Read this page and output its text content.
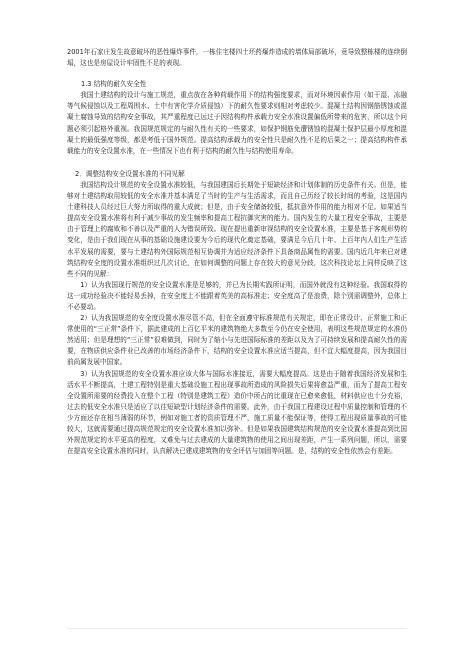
2001年石家庄发生故意破坏的恶性爆炸事件，一栋住宅楼四土坯药爆炸造成的墙体局部破坏，竟导致整栋楼的连续倒塌，这也是房屋设计牢固性不足的表现。

1.3 结构的耐久安全性

我国土建结构的设计与施工规范，重点放在各种荷载作用下的结构强度要求，而对环境因素作用（如干湿、冻融等气候侵蚀以及工程周围水、土中有害化学介质侵蚀）下的耐久性要求则相对考虑较少。混凝土结构因钢筋锈蚀或混凝土腐蚀导致的结构安全事故，其严重程度已远过于因结构构件承载力安全水准设置偏低所带来的危害，所以这个问题必须引起格外重视。我国规范规定的与耐久性有关的一些要求，如保护钢筋免遭锈蚀的混凝土保护层最小厚度和混凝土的最低强度等级，都是考低于国外规范。提高结构承载力的安全性只是耐久性不足的后果之一；提高结构构件承载能力的安全设置水准，在一些情况下也有利于结构的耐久性与结构使用寿命。

2．调整结构安全设置水准的不同见解

我国结构设计规范的安全设置水准较低，与我国建国后长期处于短缺经济和计划体制的历史条件有关。但是，能够对土建结构取用较低的安全水准并基本满足了当时的生产与生活需求，而且自己历经了较长时间的考验，这是国内土建科技人员经过巨大努力所取得的重大成就；但是，由于安全储备较低，抵抗意外作用的能力相对不足。如果适当提高安全设置水准将有利于减少事故的发生频率和提高工程抗御灾害的能力。国内发生的大量工程安全事故，主要是由于管理上的腐败和不善以及严重的人为错误所致。现在提出重新审视结构的安全设置水准，主要是基于客观形势的变化，是由于我们现在从事的基础设施建设要为今后的现代化奠定基础，要满足今后几十年、上百年内人们生产生活水平发展的需要，要与土建结构外国际规范相互协调并为适应经济条件下具备商品属性的需要。国内近几年来已对建筑结构安全度的设置水准组织过几次讨论，在如何调整的问题上存在较大的意见分歧，这次科技论坛上同样反映了这些不同的见解：

1）认为我国现行规范的安全设置水准是足够的，并已为长期实践所证明，而国外就没有这种经验。我国取得的这一成功经验决不能轻易丢掉，在安全度上不能跟着英美的高标准走；安全度高了是浪费，除个别需调整外，总体上不必要动。

2）认为我国规范的安全度设置水准尽管不高，但在全面遵守标准规范有关规定，即在正常设计、正常施工和正常使用的“三正常”条件下，据此建成的上百亿平米的建筑物绝大多数至今仍在安全使用，表明这些规范规定的水准仍然适用；但是理想的“三正常”很难做到，同时为了缩小与先进国际标准的差距以及为了可持续发展和提高耐久性的需要，在物质供应条件业已改善的市场经济条件下，结构的安全设置水准应适当提高，但不宜大幅度提高，因为我国目前尚属发展中国家。

3）认为我国规范的安全设置水准应该大体与国际水准接近，需要大幅度提高。这是由于随着我国经济发展和生活水平不断提高，土建工程特别是重大基础设施工程出现事故所造成的风险损失后果将愈益严重，而为了提高工程安全设置所需要的经费投入在整个工程（特别是建筑工程）造价中所占的比重现在已愈来愈低，材料供应也十分充裕，过去的低安全水准只是适应了以往短缺型计划经济条件的需要。此外，由于我国工程建设过程中质量控制和管理的不少方面还存在相当薄弱的环节，例如对施工者的资质管理不严，施工质量不能保证等，使得工程出现质量事故的可能较大，这就需要通过提高规范规定的安全设置水准加以弥补。但是如果我国建筑结构规范的安全设置水准提高到比国外规范规定的水平更高的程度，又难免与过去建成的大量建筑物的使用之间出现差距，产生一系列问题，所以，需要在提高安全设置水准的同时，认真解决已建成建筑物的安全评估与加固等问题。是，结构的安全性依然会有差距。
